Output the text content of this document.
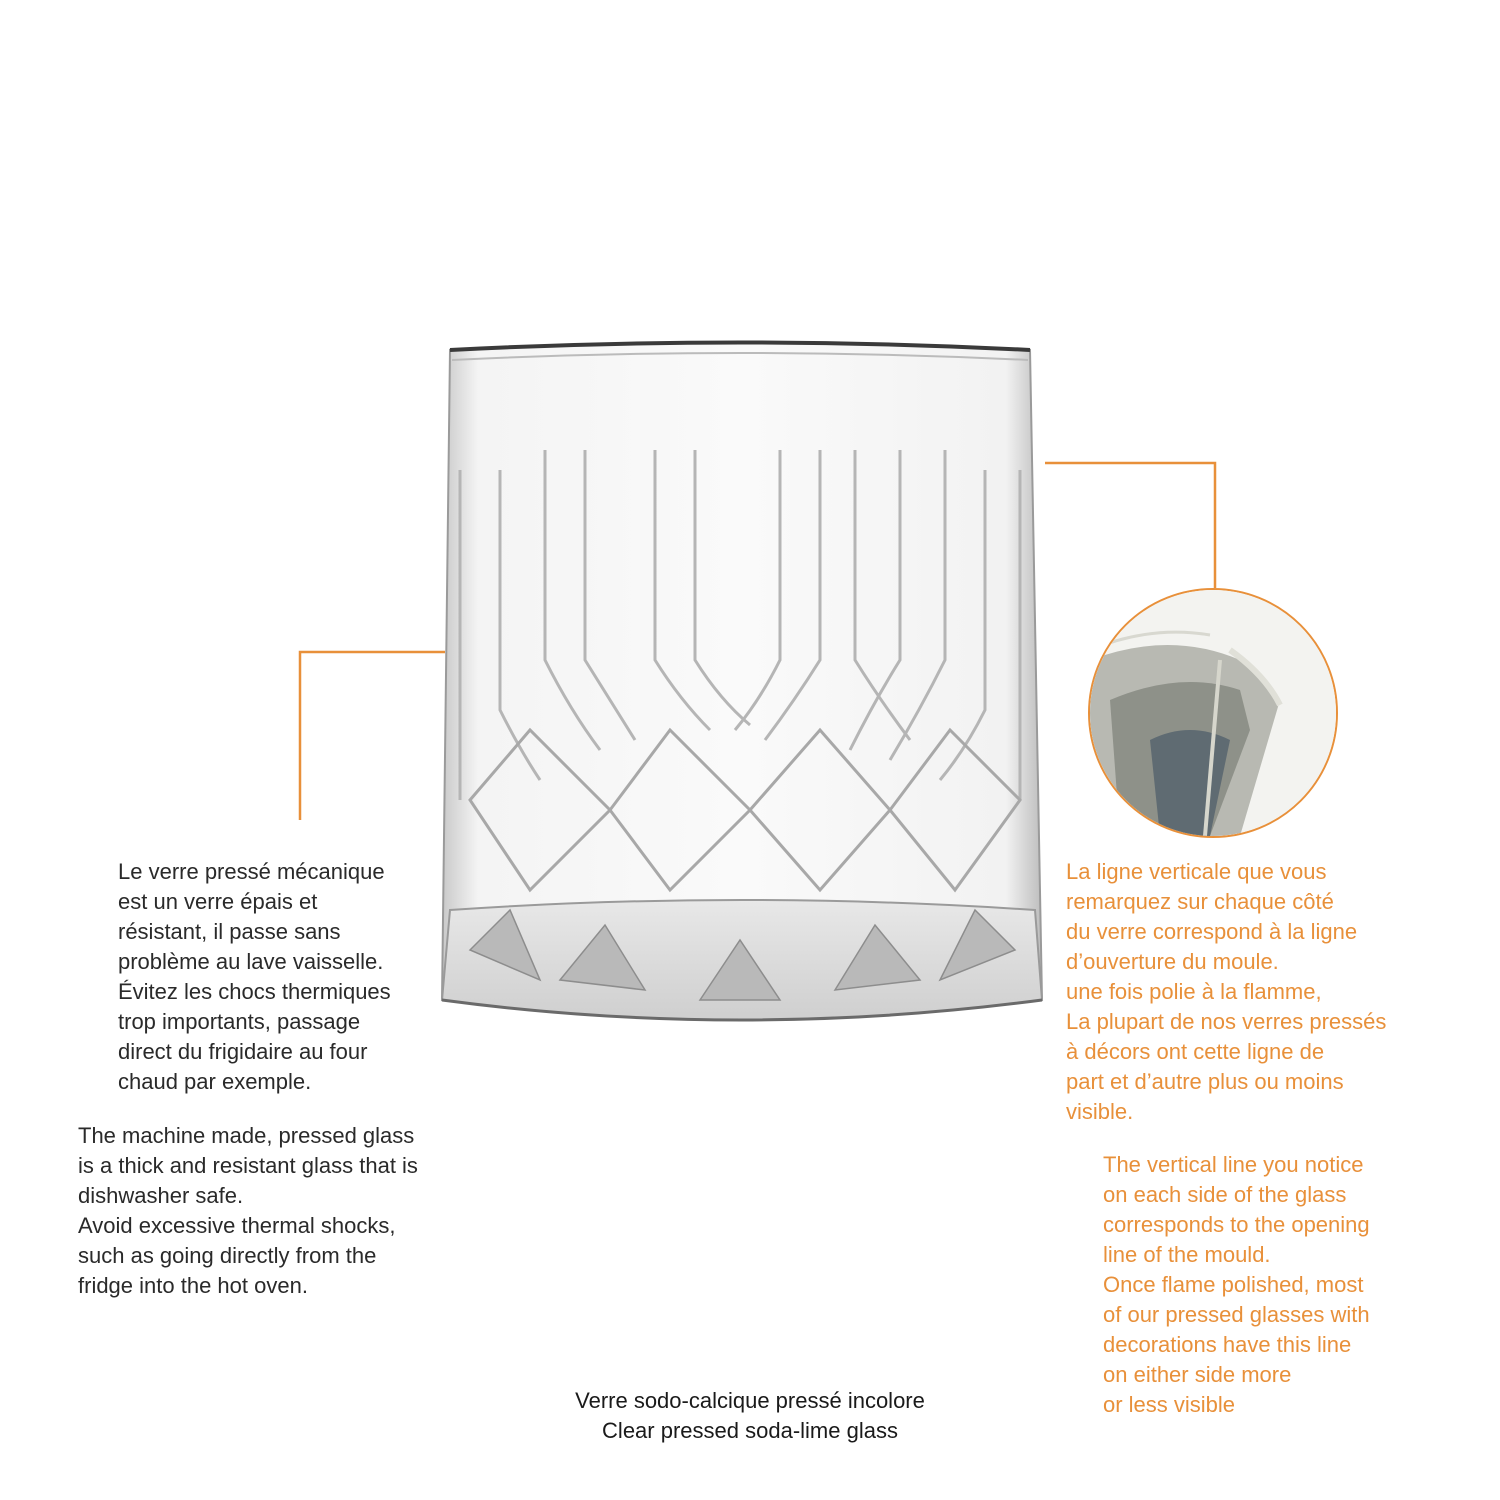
Le verre pressé mécanique
est un verre épais et
résistant, il passe sans
problème au lave vaisselle.
Évitez les chocs thermiques
trop importants, passage
direct du frigidaire au four
chaud par exemple.
The machine made, pressed glass
is a thick and resistant glass that is
dishwasher safe.
Avoid excessive thermal shocks,
such as going directly from the
fridge into the hot oven.
La ligne verticale que vous
remarquez sur chaque côté
du verre correspond à la ligne
d’ouverture du moule.
une fois polie à la flamme,
La plupart de nos verres pressés
à décors ont cette ligne de
part et d’autre plus ou moins
visible.
The vertical line you notice
on each side of the glass
corresponds to the opening
line of the mould.
Once flame polished, most
of our pressed glasses with
decorations have this line
on either side more
or less visible
Verre sodo-calcique pressé incolore
Clear pressed soda-lime glass
